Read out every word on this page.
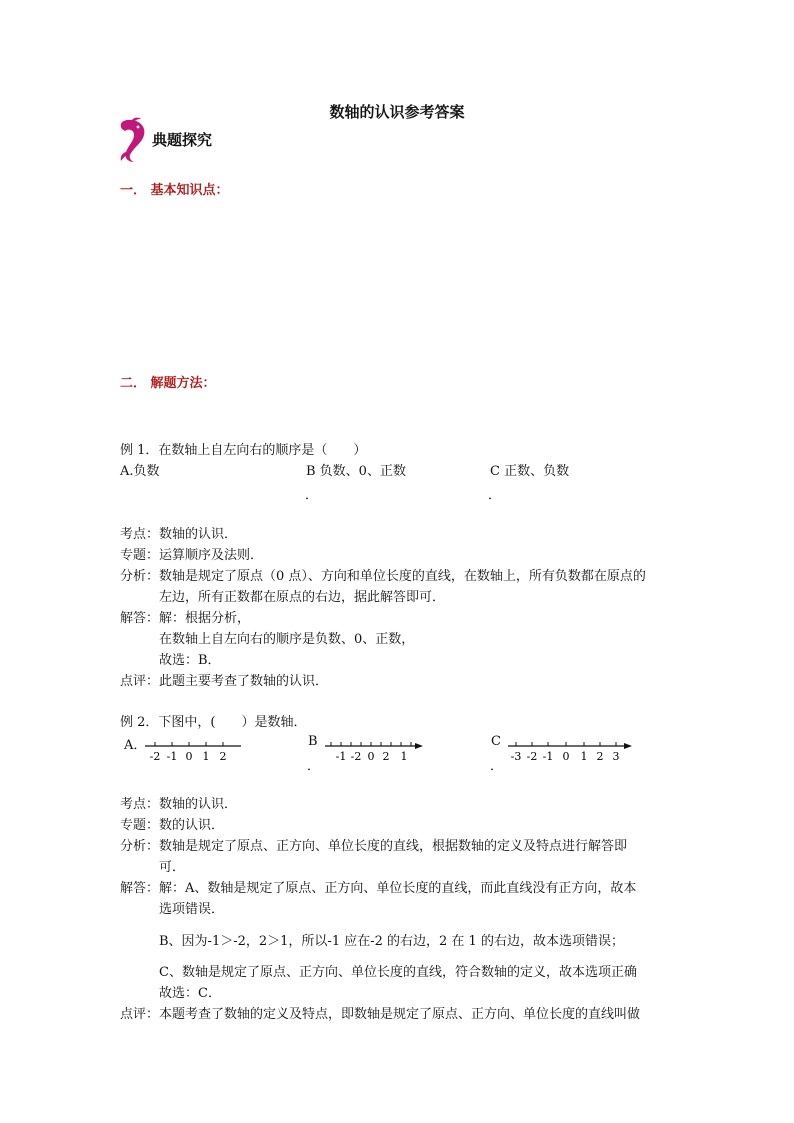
数轴的认识参考答案
典题探究
一． 基本知识点：
二． 解题方法：
例 1．在数轴上自左向右的顺序是（　　）
A.负数	B 负数、0、正数	C 正数、负数
．	．
考点：数轴的认识．
专题：运算顺序及法则．
分析：数轴是规定了原点（0 点）、方向和单位长度的直线，在数轴上，所有负数都在原点的
左边，所有正数都在原点的右边，据此解答即可．
解答：解：根据分析，
在数轴上自左向右的顺序是负数、0、正数，
故选：B．
点评：此题主要考查了数轴的认识．
例 2．下图中，(　　）是数轴．
A．	B	C
．	．
-2 -1 0 1 2	-1 -2 0 2 1	-3 -2 -1 0 1 2 3
考点：数轴的认识．
专题：数的认识．
分析：数轴是规定了原点、正方向、单位长度的直线，根据数轴的定义及特点进行解答即
可．
解答：解：A、数轴是规定了原点、正方向、单位长度的直线，而此直线没有正方向，故本
选项错误．
B、因为-1＞-2，2＞1，所以-1 应在-2 的右边，2 在 1 的右边，故本选项错误；
C、数轴是规定了原点、正方向、单位长度的直线，符合数轴的定义，故本选项正确
故选：C．
点评：本题考查了数轴的定义及特点，即数轴是规定了原点、正方向、单位长度的直线叫做
